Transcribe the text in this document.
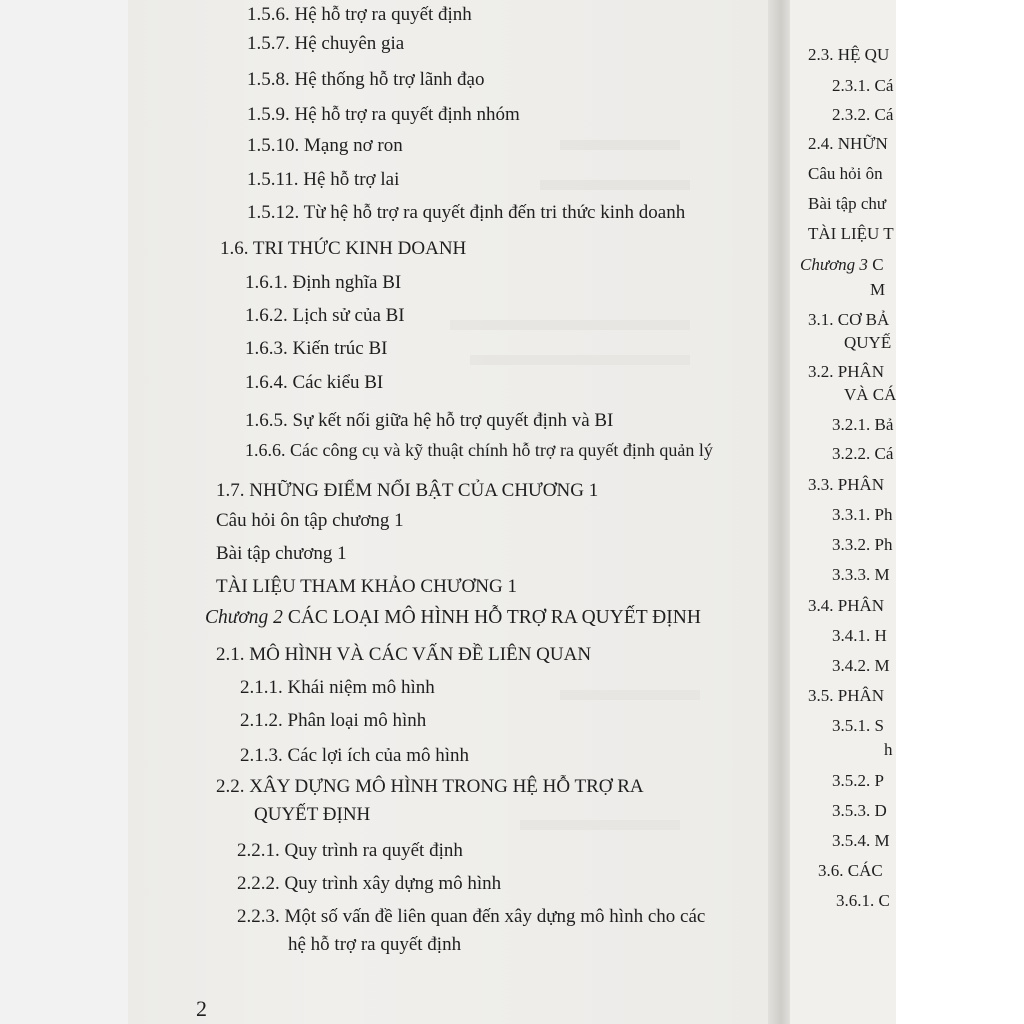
2.3. HỆ QU
2.3.1. Cá
2.3.2. Cá
2.4. NHỮN
Câu hỏi ôn
Bài tập chư
TÀI LIỆU T
Chương 3 C
M
3.1. CƠ BẢ
QUYẾ
3.2. PHÂN
VÀ CÁ
3.2.1. Bả
3.2.2. Cá
3.3. PHÂN
3.3.1. Ph
3.3.2. Ph
3.3.3. M
3.4. PHÂN
3.4.1. H
3.4.2. M
3.5. PHÂN
3.5.1. S
h
3.5.2. P
3.5.3. D
3.5.4. M
3.6. CÁC
3.6.1. C
1.5.6. Hệ hỗ trợ ra quyết định
1.5.7. Hệ chuyên gia
1.5.8. Hệ thống hỗ trợ lãnh đạo
1.5.9. Hệ hỗ trợ ra quyết định nhóm
1.5.10. Mạng nơ ron
1.5.11. Hệ hỗ trợ lai
1.5.12. Từ hệ hỗ trợ ra quyết định đến tri thức kinh doanh
1.6. TRI THỨC KINH DOANH
1.6.1. Định nghĩa BI
1.6.2. Lịch sử của BI
1.6.3. Kiến trúc BI
1.6.4. Các kiểu BI
1.6.5. Sự kết nối giữa hệ hỗ trợ quyết định và BI
1.6.6. Các công cụ và kỹ thuật chính hỗ trợ ra quyết định quản lý
1.7. NHỮNG ĐIỂM NỔI BẬT CỦA CHƯƠNG 1
Câu hỏi ôn tập chương 1
Bài tập chương 1
TÀI LIỆU THAM KHẢO CHƯƠNG 1
Chương 2 CÁC LOẠI MÔ HÌNH HỖ TRỢ RA QUYẾT ĐỊNH
2.1. MÔ HÌNH VÀ CÁC VẤN ĐỀ LIÊN QUAN
2.1.1. Khái niệm mô hình
2.1.2. Phân loại mô hình
2.1.3. Các lợi ích của mô hình
2.2. XÂY DỰNG MÔ HÌNH TRONG HỆ HỖ TRỢ RA
QUYẾT ĐỊNH
2.2.1. Quy trình ra quyết định
2.2.2. Quy trình xây dựng mô hình
2.2.3. Một số vấn đề liên quan đến xây dựng mô hình cho các
hệ hỗ trợ ra quyết định
2
